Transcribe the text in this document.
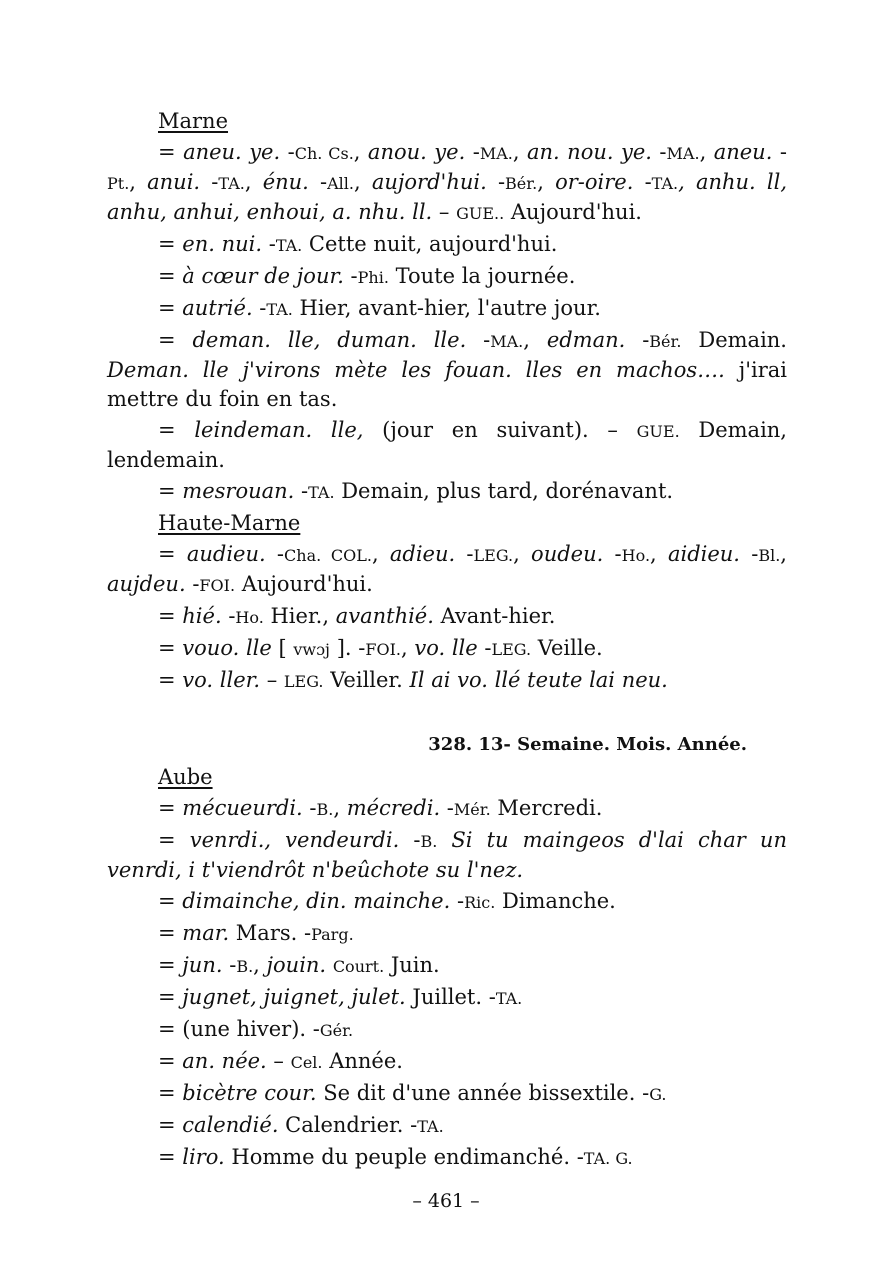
Marne

= aneu. ye. -Ch. Cs., anou. ye. -MA., an. nou. ye. -MA., aneu. -Pt., anui. -TA., énu. -All., aujord'hui. -Bér., or-oire. -TA., anhu. ll, anhu, anhui, enhoui, a. nhu. ll. – GUE.. Aujourd'hui.

= en. nui. -TA. Cette nuit, aujourd'hui.

= à cœur de jour. -Phi. Toute la journée.

= autrié. -TA. Hier, avant-hier, l'autre jour.

= deman. lle, duman. lle. -MA., edman. -Bér. Demain. Deman. lle j'virons mète les fouan. lles en machos…. j'irai mettre du foin en tas.

= leindeman. lle, (jour en suivant). – GUE. Demain, lendemain.

= mesrouan. -TA. Demain, plus tard, dorénavant.

Haute-Marne

= audieu. -Cha. COL., adieu. -LEG., oudeu. -Ho., aidieu. -Bl., aujdeu. -FOI. Aujourd'hui.

= hié. -Ho. Hier., avanthié. Avant-hier.

= vouo. lle [ vwɔj ]. -FOI., vo. lle -LEG. Veille.

= vo. ller. – LEG. Veiller. Il ai vo. llé teute lai neu.

328. 13- Semaine. Mois. Année.
Aube

= mécueurdi. -B., mécredi. -Mér. Mercredi.

= venrdi., vendeurdi. -B. Si tu maingeos d'lai char un venrdi, i t'viendrôt n'beûchote su l'nez.

= dimainche, din. mainche. -Ric. Dimanche.

= mar. Mars. -Parg.

= jun. -B., jouin. Court. Juin.

= jugnet, juignet, julet. Juillet. -TA.

= (une hiver). -Gér.

= an. née. – Cel. Année.

= bicètre cour. Se dit d'une année bissextile. -G.

= calendié. Calendrier. -TA.

= liro. Homme du peuple endimanché. -TA. G.

– 461 –
